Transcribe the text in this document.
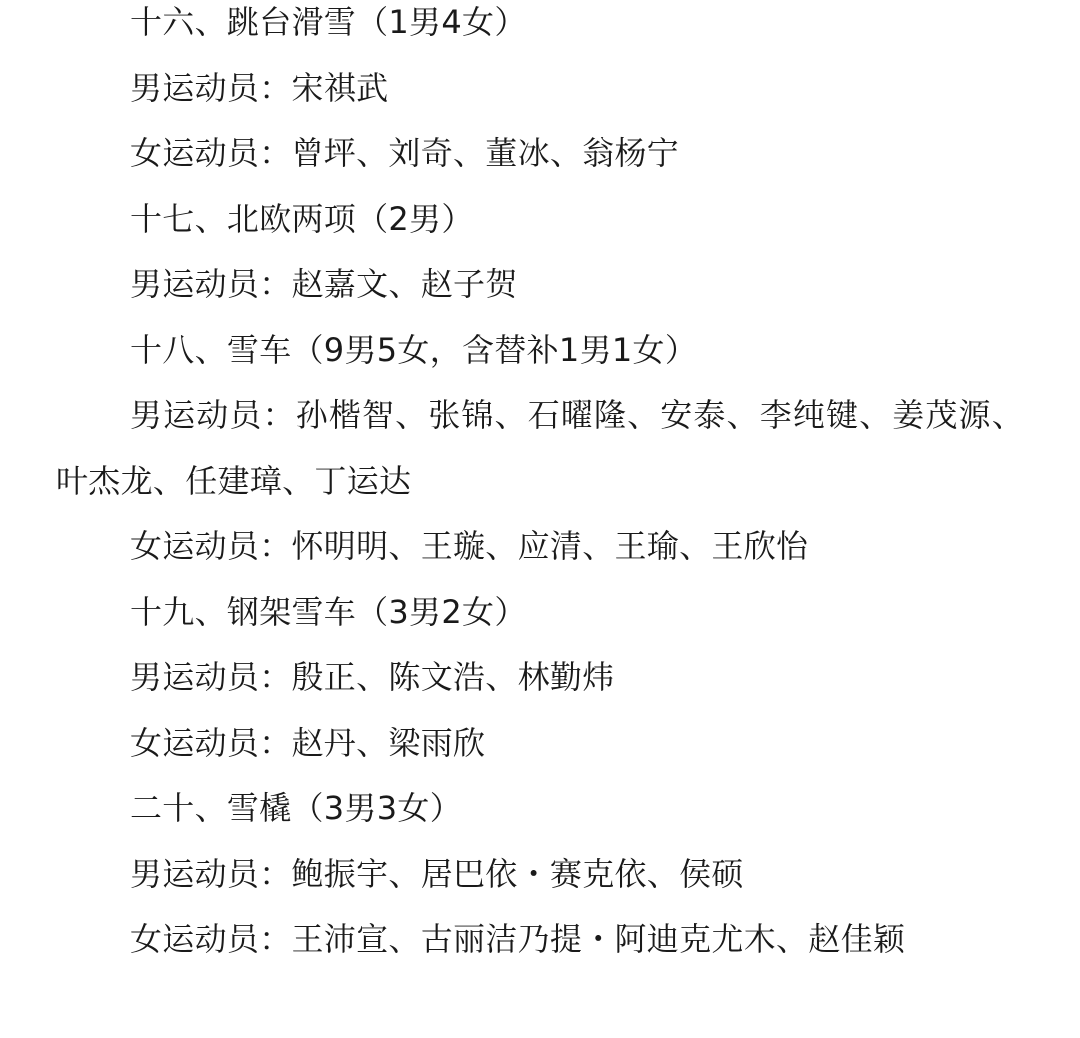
十六、跳台滑雪（1男4女）
男运动员：宋祺武
女运动员：曾坪、刘奇、董冰、翁杨宁
十七、北欧两项（2男）
男运动员：赵嘉文、赵子贺
十八、雪车（9男5女，含替补1男1女）
男运动员：孙楷智、张锦、石曜隆、安泰、李纯键、姜茂源、叶杰龙、任建璋、丁运达
女运动员：怀明明、王璇、应清、王瑜、王欣怡
十九、钢架雪车（3男2女）
男运动员：殷正、陈文浩、林勤炜
女运动员：赵丹、梁雨欣
二十、雪橇（3男3女）
男运动员：鲍振宇、居巴依・赛克依、侯硕
女运动员：王沛宣、古丽洁乃提・阿迪克尤木、赵佳颖
